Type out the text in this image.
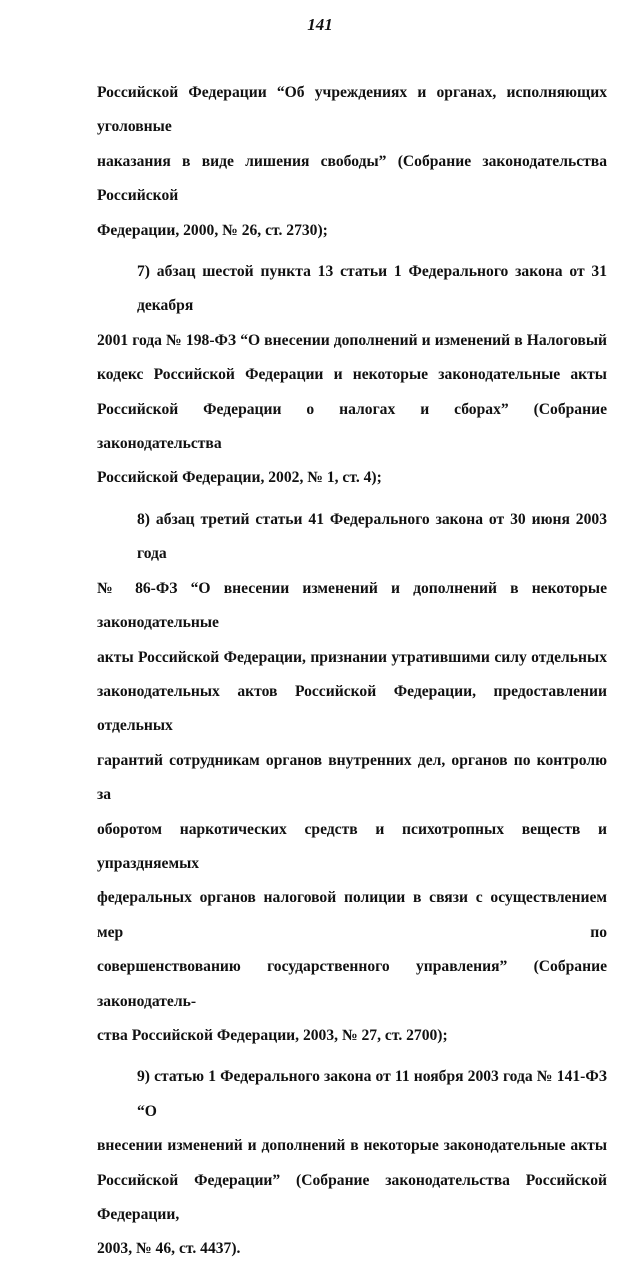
141
Российской Федерации “Об учреждениях и органах, исполняющих уголовные
наказания в виде лишения свободы” (Собрание законодательства Российской
Федерации, 2000, № 26, ст. 2730);
7) абзац шестой пункта 13 статьи 1 Федерального закона от 31 декабря
2001 года № 198-ФЗ “О внесении дополнений и изменений в Налоговый
кодекс Российской Федерации и некоторые законодательные акты
Российской Федерации о налогах и сборах” (Собрание законодательства
Российской Федерации, 2002, № 1, ст. 4);
8) абзац третий статьи 41 Федерального закона от 30 июня 2003 года
№ 86-ФЗ “О внесении изменений и дополнений в некоторые законодательные
акты Российской Федерации, признании утратившими силу отдельных
законодательных актов Российской Федерации, предоставлении отдельных
гарантий сотрудникам органов внутренних дел, органов по контролю за
оборотом наркотических средств и психотропных веществ и упраздняемых
федеральных органов налоговой полиции в связи с осуществлением мер по
совершенствованию государственного управления” (Собрание законодатель-
ства Российской Федерации, 2003, № 27, ст. 2700);
9) статью 1 Федерального закона от 11 ноября 2003 года № 141-ФЗ “О
внесении изменений и дополнений в некоторые законодательные акты
Российской Федерации” (Собрание законодательства Российской Федерации,
2003, № 46, ст. 4437).
